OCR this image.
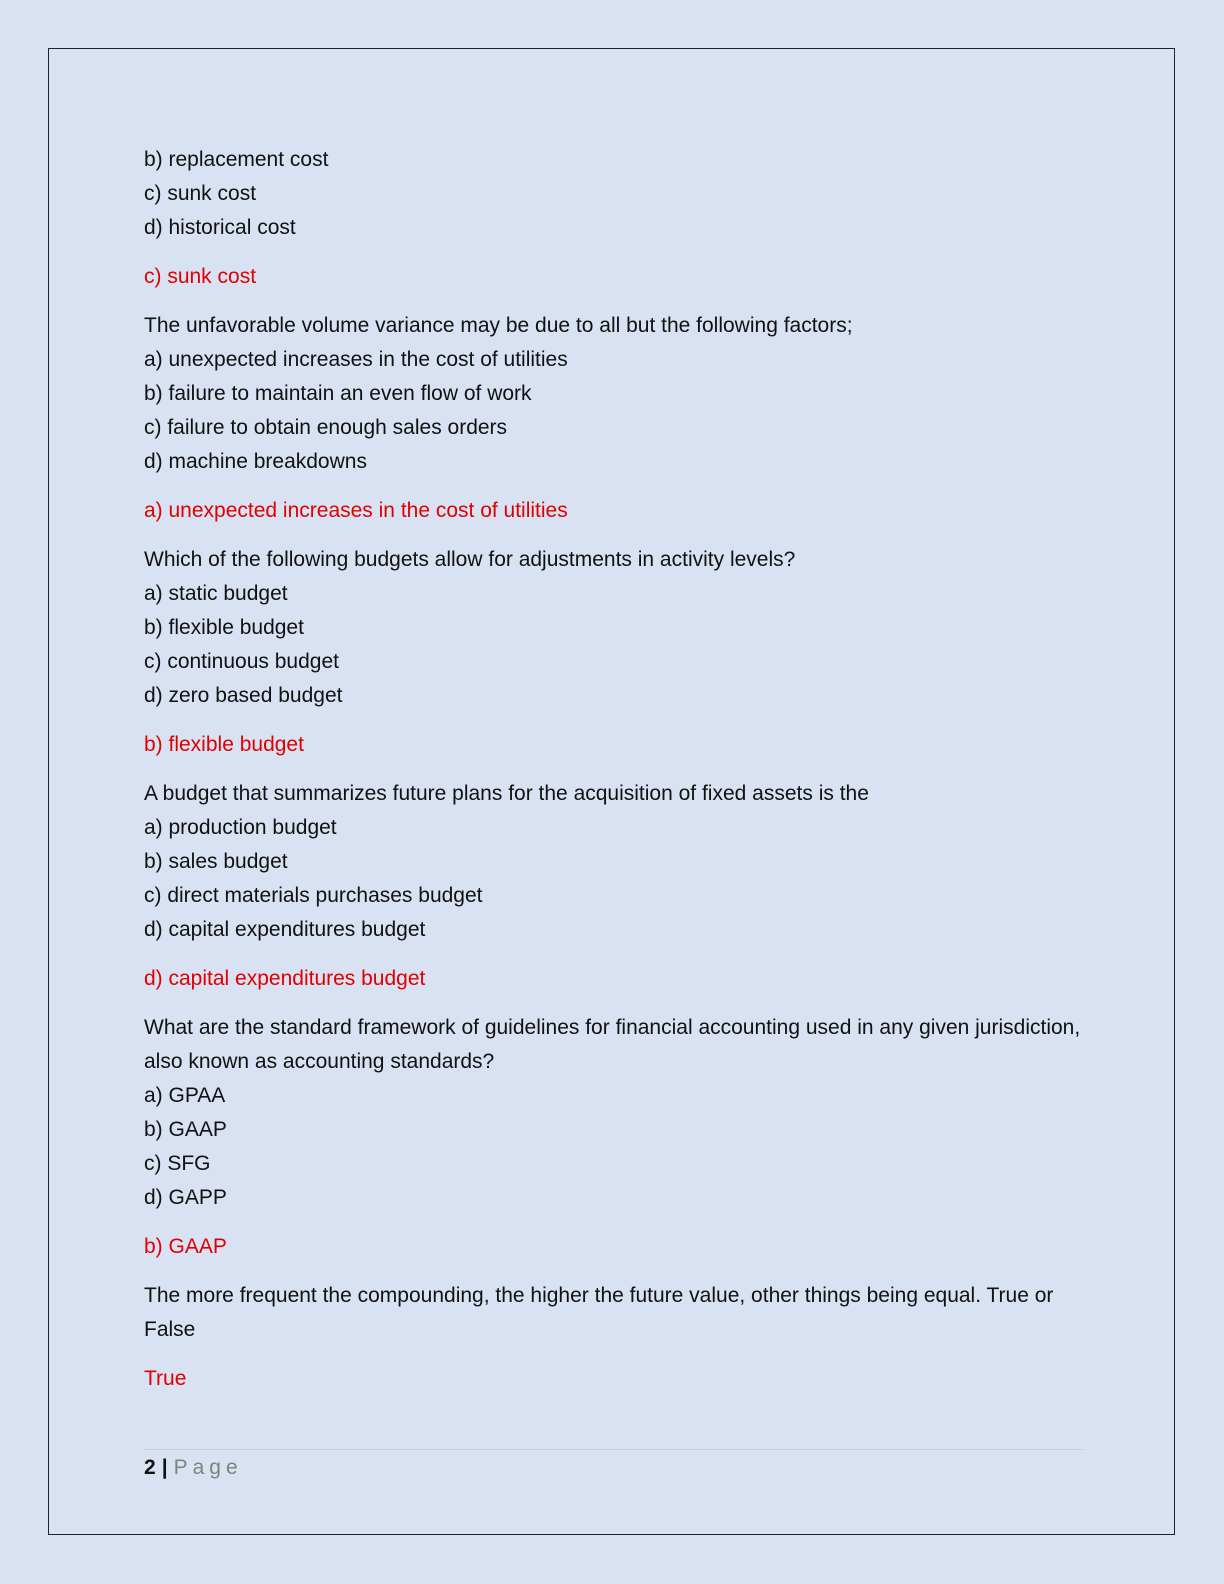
b) replacement cost

c) sunk cost

d) historical cost

c) sunk cost

The unfavorable volume variance may be due to all but the following factors;

a) unexpected increases in the cost of utilities

b) failure to maintain an even flow of work

c) failure to obtain enough sales orders

d) machine breakdowns

a) unexpected increases in the cost of utilities

Which of the following budgets allow for adjustments in activity levels?

a) static budget

b) flexible budget

c) continuous budget

d) zero based budget

b) flexible budget

A budget that summarizes future plans for the acquisition of fixed assets is the

a) production budget

b) sales budget

c) direct materials purchases budget

d) capital expenditures budget

d) capital expenditures budget

What are the standard framework of guidelines for financial accounting used in any given jurisdiction, also known as accounting standards?

a) GPAA

b) GAAP

c) SFG

d) GAPP

b) GAAP

The more frequent the compounding, the higher the future value, other things being equal. True or False

True

2 | Page
